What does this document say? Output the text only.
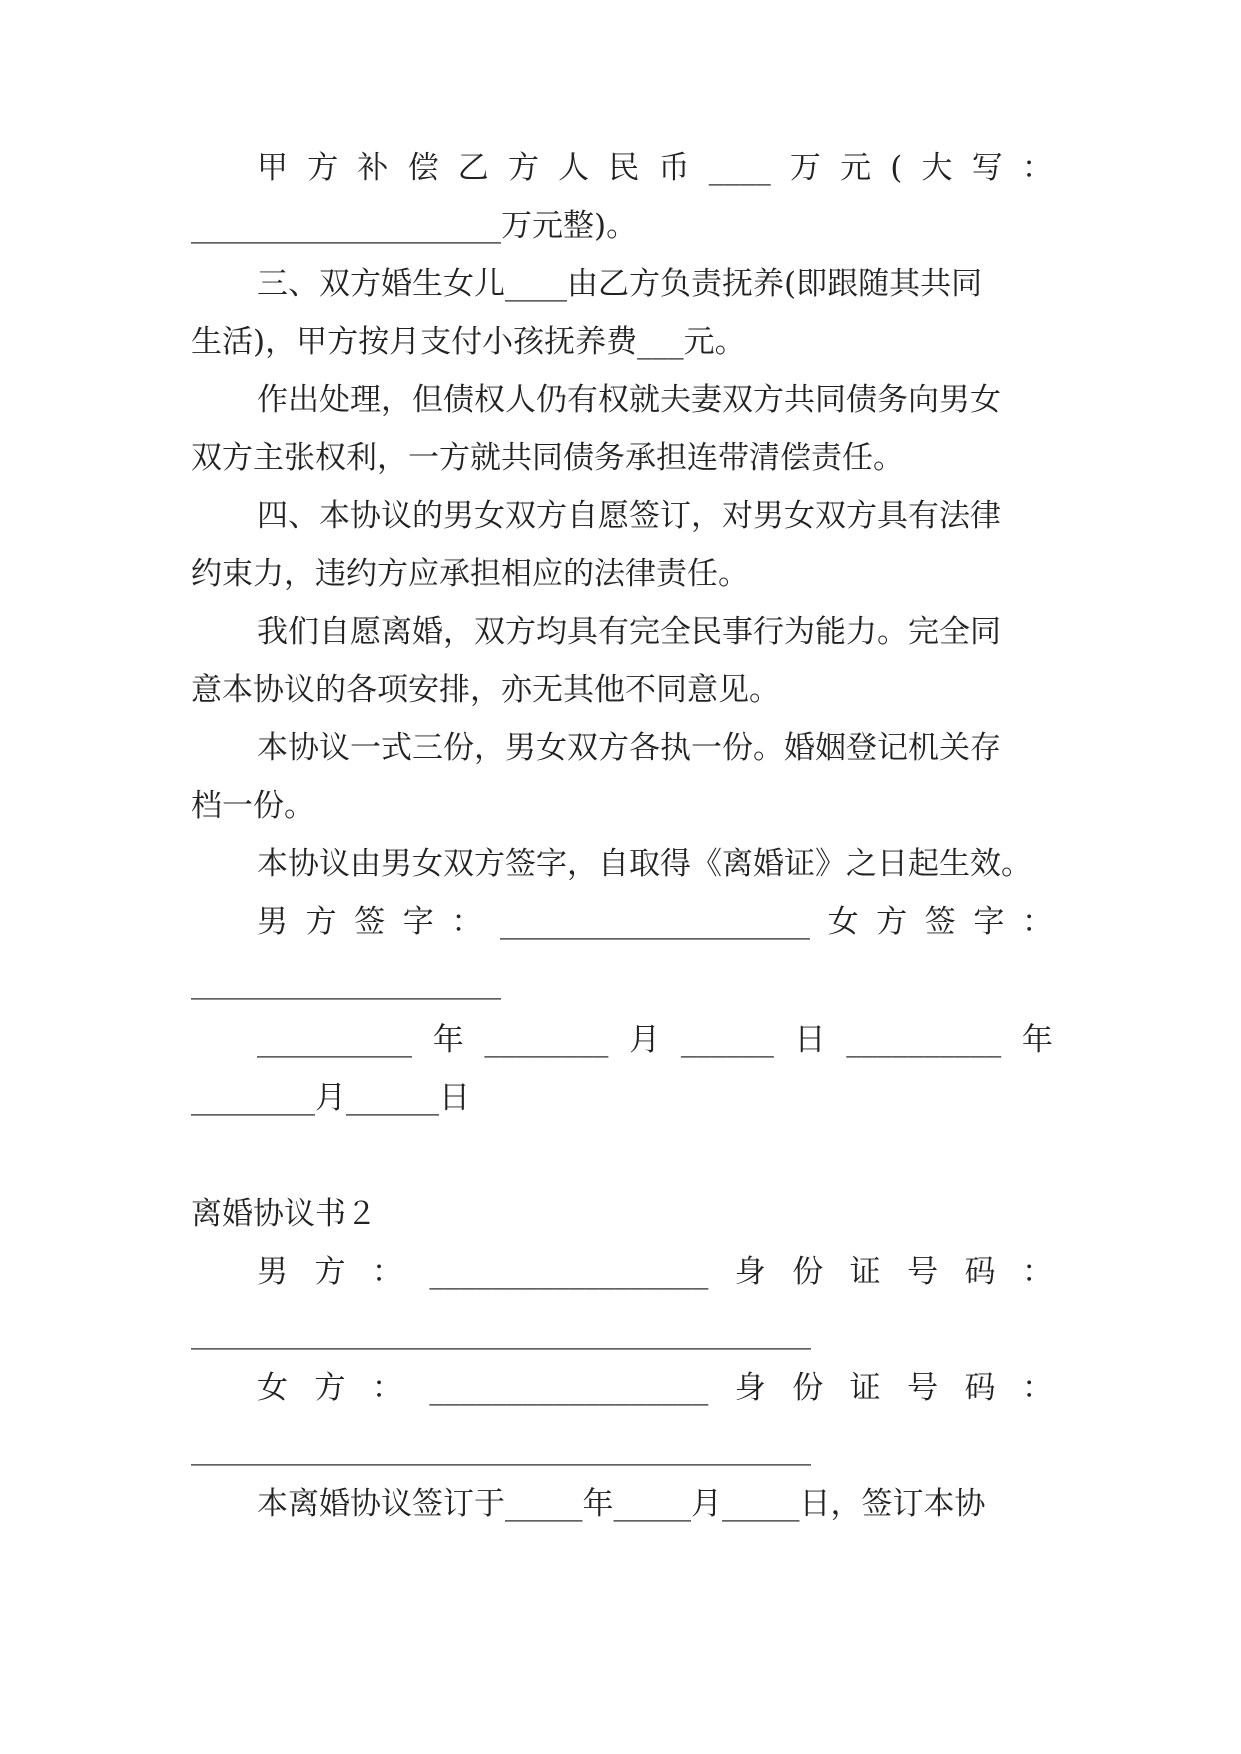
甲 方 补 偿 乙 方 人 民 币 ____ 万 元 ( 大 写 ：
____________________万元整)。
三、双方婚生女儿____由乙方负责抚养(即跟随其共同
生活)，甲方按月支付小孩抚养费___元。
作出处理，但债权人仍有权就夫妻双方共同债务向男女
双方主张权利，一方就共同债务承担连带清偿责任。
四、本协议的男女双方自愿签订，对男女双方具有法律
约束力，违约方应承担相应的法律责任。
我们自愿离婚，双方均具有完全民事行为能力。完全同
意本协议的各项安排，亦无其他不同意见。
本协议一式三份，男女双方各执一份。婚姻登记机关存
档一份。
本协议由男女双方签字，自取得《离婚证》之日起生效。
男 方 签 字 ： ____________________ 女 方 签 字 ：
____________________
__________ 年 ________ 月 ______ 日 __________ 年
________月______日
离婚协议书２
男 方 ： __________________ 身 份 证 号 码 ：
________________________________________
女 方 ： __________________ 身 份 证 号 码 ：
________________________________________
本离婚协议签订于_____年_____月_____日，签订本协
